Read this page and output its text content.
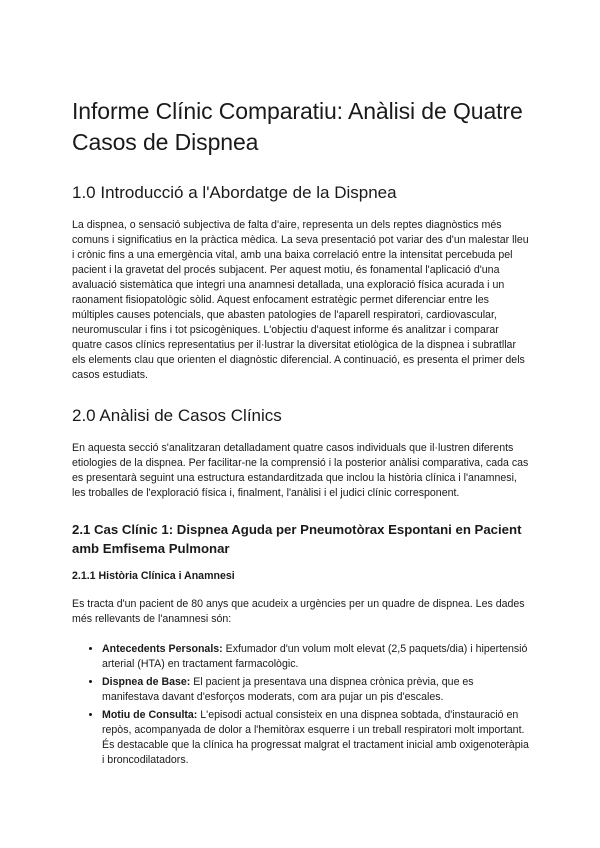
Informe Clínic Comparatiu: Anàlisi de Quatre Casos de Dispnea
1.0 Introducció a l'Abordatge de la Dispnea

La dispnea, o sensació subjectiva de falta d'aire, representa un dels reptes diagnòstics més comuns i significatius en la pràctica mèdica. La seva presentació pot variar des d'un malestar lleu i crònic fins a una emergència vital, amb una baixa correlació entre la intensitat percebuda pel pacient i la gravetat del procés subjacent. Per aquest motiu, és fonamental l'aplicació d'una avaluació sistemàtica que integri una anamnesi detallada, una exploració física acurada i un raonament fisiopatològic sòlid. Aquest enfocament estratègic permet diferenciar entre les múltiples causes potencials, que abasten patologies de l'aparell respiratori, cardiovascular, neuromuscular i fins i tot psicogèniques. L'objectiu d'aquest informe és analitzar i comparar quatre casos clínics representatius per il·lustrar la diversitat etiològica de la dispnea i subratllar els elements clau que orienten el diagnòstic diferencial. A continuació, es presenta el primer dels casos estudiats.

2.0 Anàlisi de Casos Clínics

En aquesta secció s'analitzaran detalladament quatre casos individuals que il·lustren diferents etiologies de la dispnea. Per facilitar-ne la comprensió i la posterior anàlisi comparativa, cada cas es presentarà seguint una estructura estandarditzada que inclou la història clínica i l'anamnesi, les troballes de l'exploració física i, finalment, l'anàlisi i el judici clínic corresponent.

2.1 Cas Clínic 1: Dispnea Aguda per Pneumotòrax Espontani en Pacient amb Emfisema Pulmonar
2.1.1 Història Clínica i Anamnesi

Es tracta d'un pacient de 80 anys que acudeix a urgències per un quadre de dispnea. Les dades més rellevants de l'anamnesi són:

• Antecedents Personals: Exfumador d'un volum molt elevat (2,5 paquets/dia) i hipertensió arterial (HTA) en tractament farmacològic.
• Dispnea de Base: El pacient ja presentava una dispnea crònica prèvia, que es manifestava davant d'esforços moderats, com ara pujar un pis d'escales.
• Motiu de Consulta: L'episodi actual consisteix en una dispnea sobtada, d'instauració en repòs, acompanyada de dolor a l'hemitòrax esquerre i un treball respiratori molt important. És destacable que la clínica ha progressat malgrat el tractament inicial amb oxigenoteràpia i broncodilatadors.
